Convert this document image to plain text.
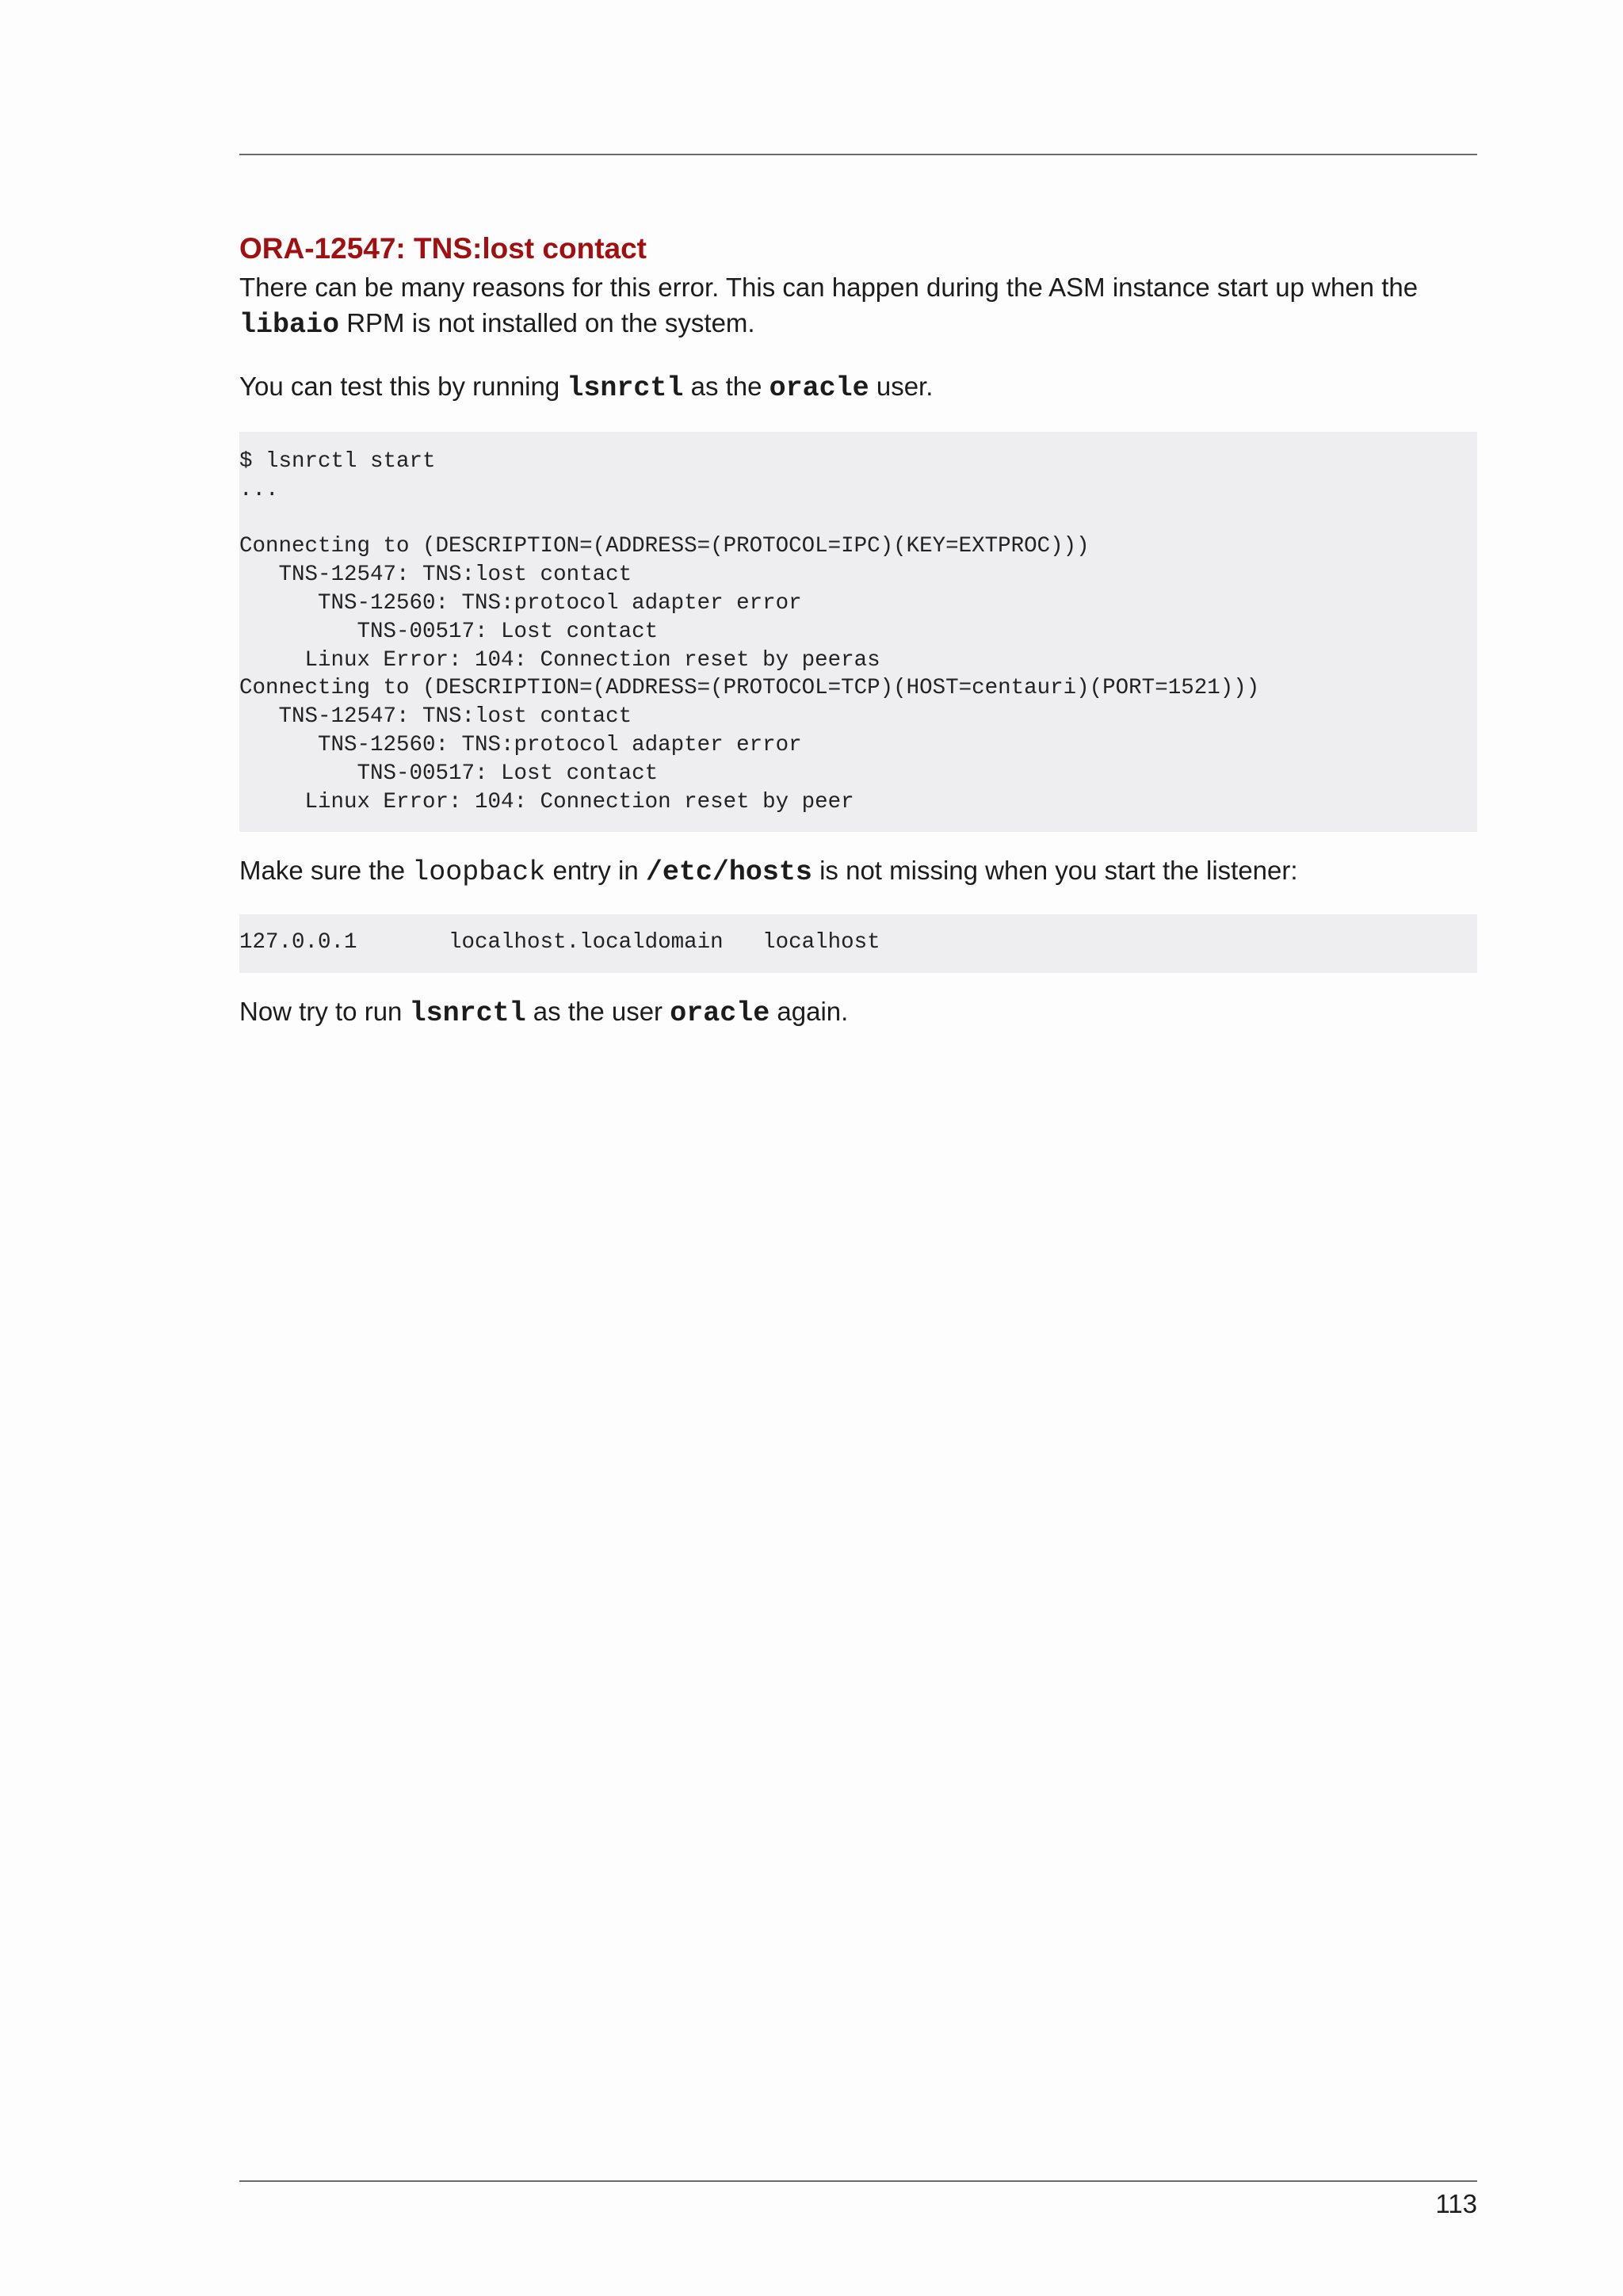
ORA-12547: TNS:lost contact

There can be many reasons for this error. This can happen during the ASM instance start up when the libaio RPM is not installed on the system.

You can test this by running lsnrctl as the oracle user.

$ lsnrctl start
...

Connecting to (DESCRIPTION=(ADDRESS=(PROTOCOL=IPC)(KEY=EXTPROC)))
TNS-12547: TNS:lost contact
TNS-12560: TNS:protocol adapter error
TNS-00517: Lost contact
Linux Error: 104: Connection reset by peeras
Connecting to (DESCRIPTION=(ADDRESS=(PROTOCOL=TCP)(HOST=centauri)(PORT=1521)))
TNS-12547: TNS:lost contact
TNS-12560: TNS:protocol adapter error
TNS-00517: Lost contact
Linux Error: 104: Connection reset by peer

Make sure the loopback entry in /etc/hosts is not missing when you start the listener:

127.0.0.1       localhost.localdomain   localhost

Now try to run lsnrctl as the user oracle again.

113
